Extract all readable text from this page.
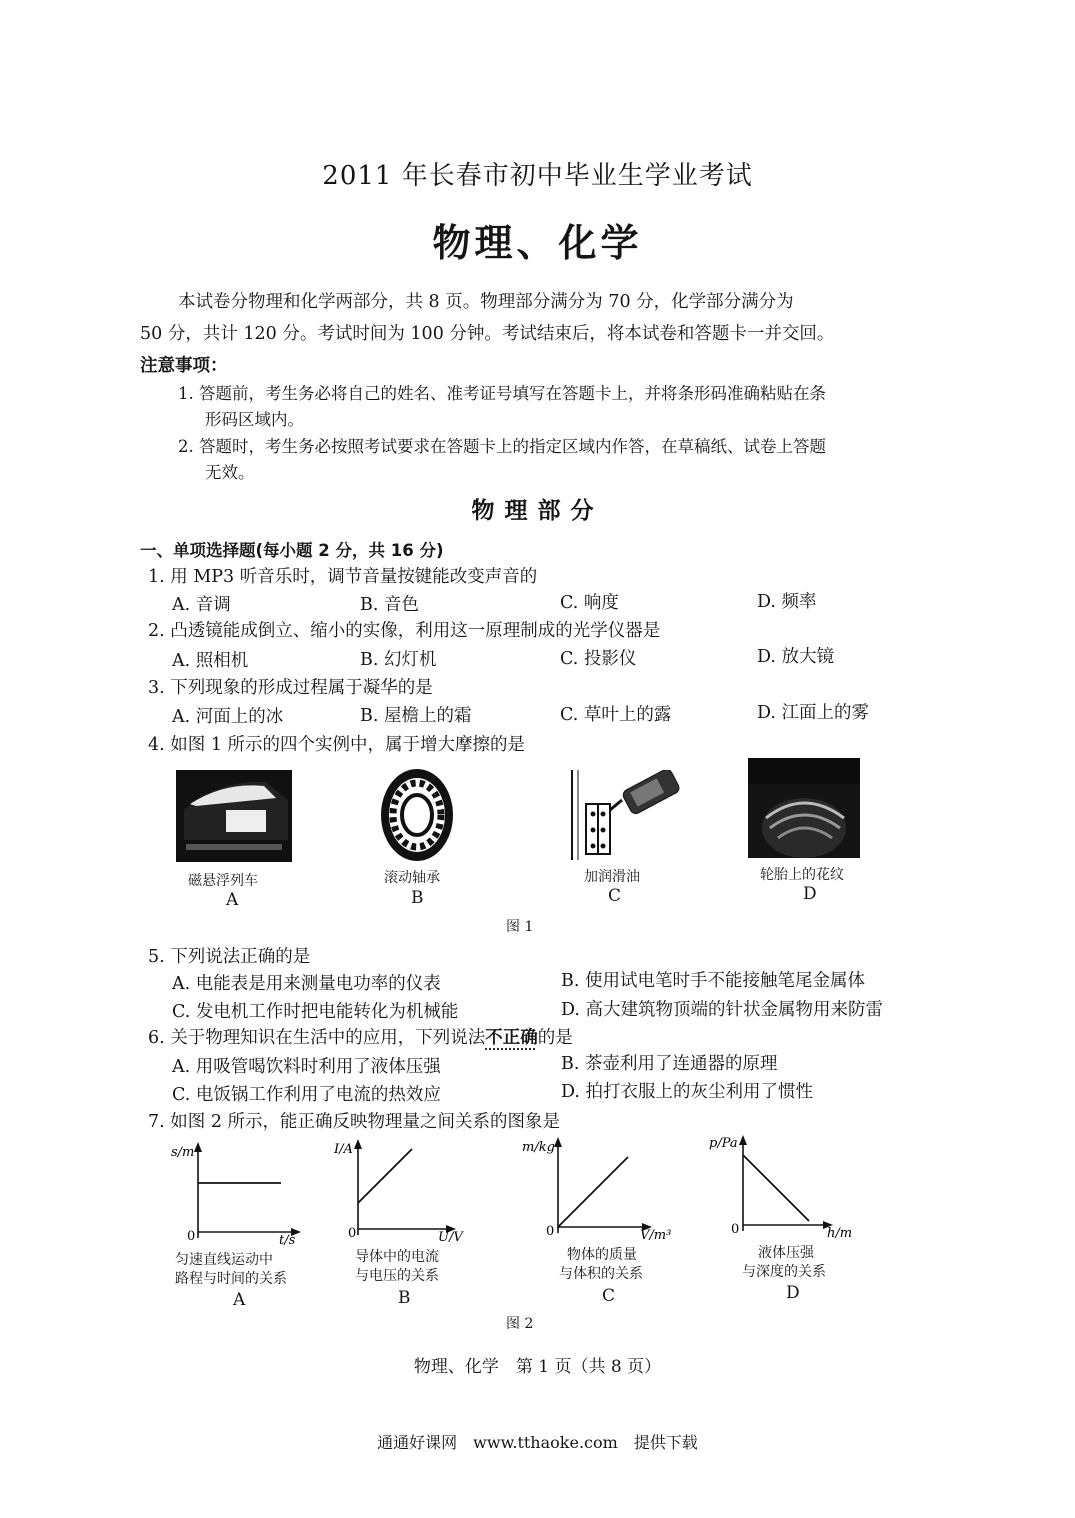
2011 年长春市初中毕业生学业考试
物理、化学
本试卷分物理和化学两部分，共 8 页。物理部分满分为 70 分，化学部分满分为
50 分，共计 120 分。考试时间为 100 分钟。考试结束后，将本试卷和答题卡一并交回。
注意事项：
1. 答题前，考生务必将自己的姓名、准考证号填写在答题卡上，并将条形码准确粘贴在条
形码区域内。
2. 答题时，考生务必按照考试要求在答题卡上的指定区域内作答，在草稿纸、试卷上答题
无效。
物理部分
一、单项选择题(每小题 2 分，共 16 分)
1. 用 MP3 听音乐时，调节音量按键能改变声音的
A. 音调	B. 音色	C. 响度	D. 频率
2. 凸透镜能成倒立、缩小的实像，利用这一原理制成的光学仪器是
A. 照相机	B. 幻灯机	C. 投影仪	D. 放大镜
3. 下列现象的形成过程属于凝华的是
A. 河面上的冰	B. 屋檐上的霜	C. 草叶上的露	D. 江面上的雾
4. 如图 1 所示的四个实例中，属于增大摩擦的是
磁悬浮列车	滚动轴承	加润滑油	轮胎上的花纹
A	B	C	D
图 1
5. 下列说法正确的是
A. 电能表是用来测量电功率的仪表	B. 使用试电笔时手不能接触笔尾金属体
C. 发电机工作时把电能转化为机械能	D. 高大建筑物顶端的针状金属物用来防雷
6. 关于物理知识在生活中的应用，下列说法不正确的是
A. 用吸管喝饮料时利用了液体压强	B. 茶壶利用了连通器的原理
C. 电饭锅工作利用了电流的热效应	D. 拍打衣服上的灰尘利用了惯性
7. 如图 2 所示，能正确反映物理量之间关系的图象是
s/m
0	t/s
I/A
0	U/V
m/kg
0	V/m³
p/Pa
0	h/m
匀速直线运动中
路程与时间的关系
A
导体中的电流
与电压的关系
B
物体的质量
与体积的关系
C
液体压强
与深度的关系
D
图 2
物理、化学　第 1 页（共 8 页）
通通好课网　www.tthaoke.com　提供下载
